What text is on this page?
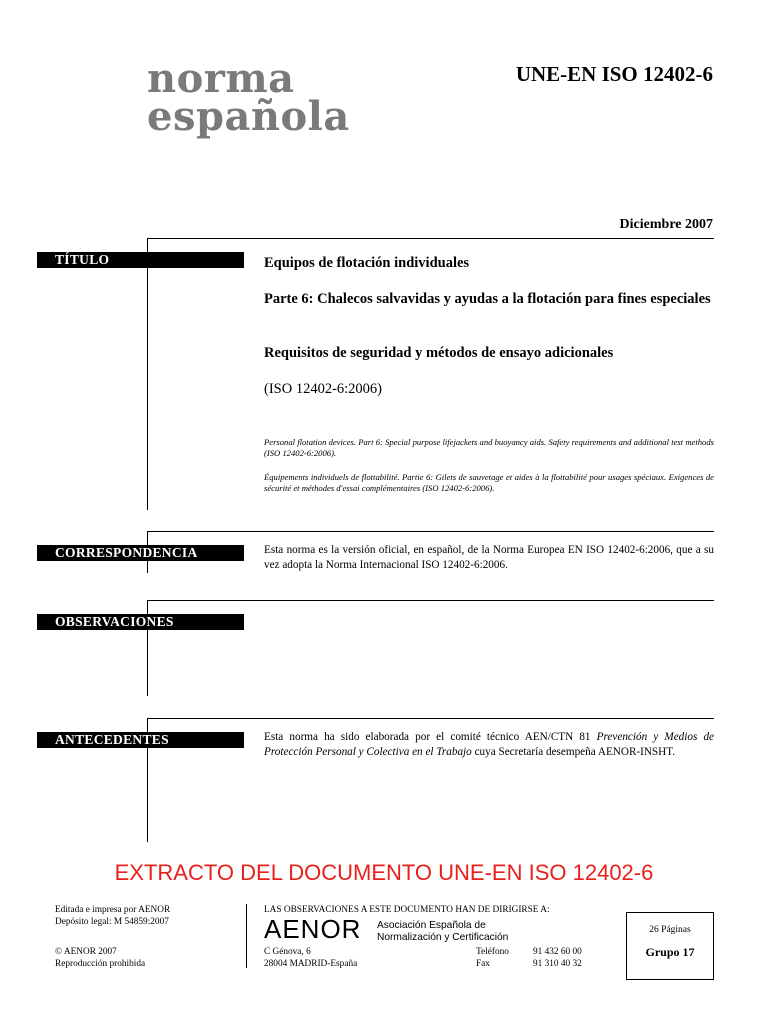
norma
española
UNE-EN ISO 12402-6
Diciembre 2007
TÍTULO	Equipos de flotación individuales
Parte 6: Chalecos salvavidas y ayudas a la flotación para fines especiales
Requisitos de seguridad y métodos de ensayo adicionales
(ISO 12402-6:2006)
Personal flotation devices. Part 6: Special purpose lifejackets and buoyancy aids. Safety requirements and additional test methods (ISO 12402-6:2006).
Équipements individuels de flottabilité. Partie 6: Gilets de sauvetage et aides à la flottabilité pour usages spéciaux. Exigences de sécurité et méthodes d'essai complémentaires (ISO 12402-6:2006).
CORRESPONDENCIA	Esta norma es la versión oficial, en español, de la Norma Europea EN ISO 12402-6:2006, que a su vez adopta la Norma Internacional ISO 12402-6:2006.
OBSERVACIONES
ANTECEDENTES	Esta norma ha sido elaborada por el comité técnico AEN/CTN 81 Prevención y Medios de Protección Personal y Colectiva en el Trabajo cuya Secretaría desempeña AENOR-INSHT.
EXTRACTO DEL DOCUMENTO UNE-EN ISO 12402-6
Editada e impresa por AENOR
Depósito legal: M 54859:2007
© AENOR 2007
Reproducción prohibida
LAS OBSERVACIONES A ESTE DOCUMENTO HAN DE DIRIGIRSE A:
AENOR Asociación Española de
Normalización y Certificación
C Génova, 6
28004 MADRID-España
Teléfono	91 432 60 00
Fax	91 310 40 32
26 Páginas
Grupo 17
